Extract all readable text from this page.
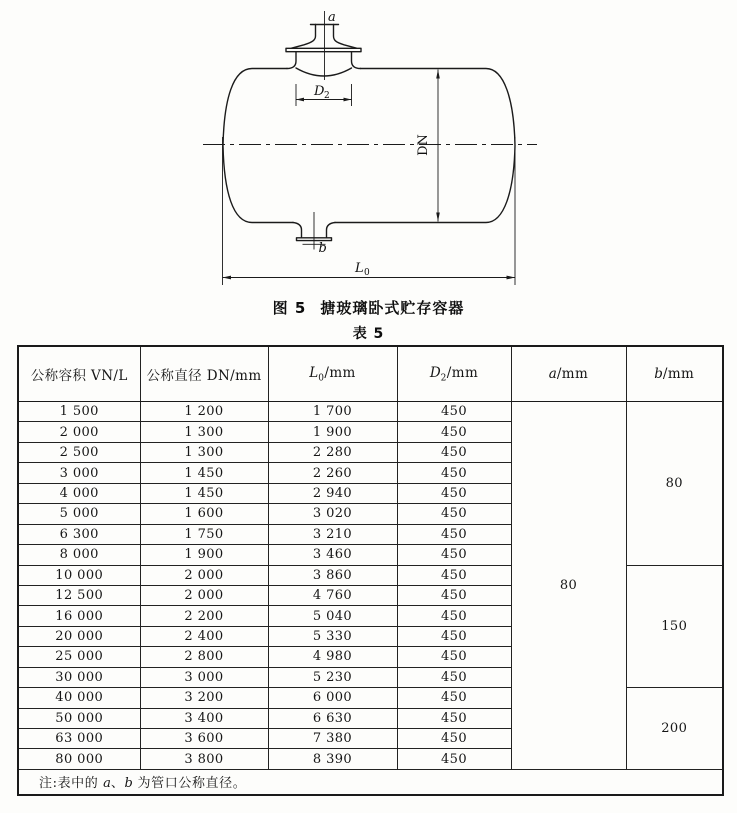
a
D 2
DN
b
L 0
图 5 搪玻璃卧式贮存容器
表 5
公称容积 VN/L	公称直径 DN/mm	$L_0/mm$	$D_2/mm$	a/mm	b/mm
1 500	1 200	1 700	450	80	80
2 000	1 300	1 900	450		
2 500	1 300	2 280	450		
3 000	1 450	2 260	450		
4 000	1 450	2 940	450		
5 000	1 600	3 020	450		
6 300	1 750	3 210	450		
8 000	1 900	3 460	450		
10 000	2 000	3 860	450		150
12 500	2 000	4 760	450		
16 000	2 200	5 040	450		
20 000	2 400	5 330	450		
25 000	2 800	4 980	450		
30 000	3 000	5 230	450		
40 000	3 200	6 000	450		200
50 000	3 400	6 630	450		
63 000	3 600	7 380	450		
80 000	3 800	8 390	450		
注:表中的 a、b 为管口公称直径。					
